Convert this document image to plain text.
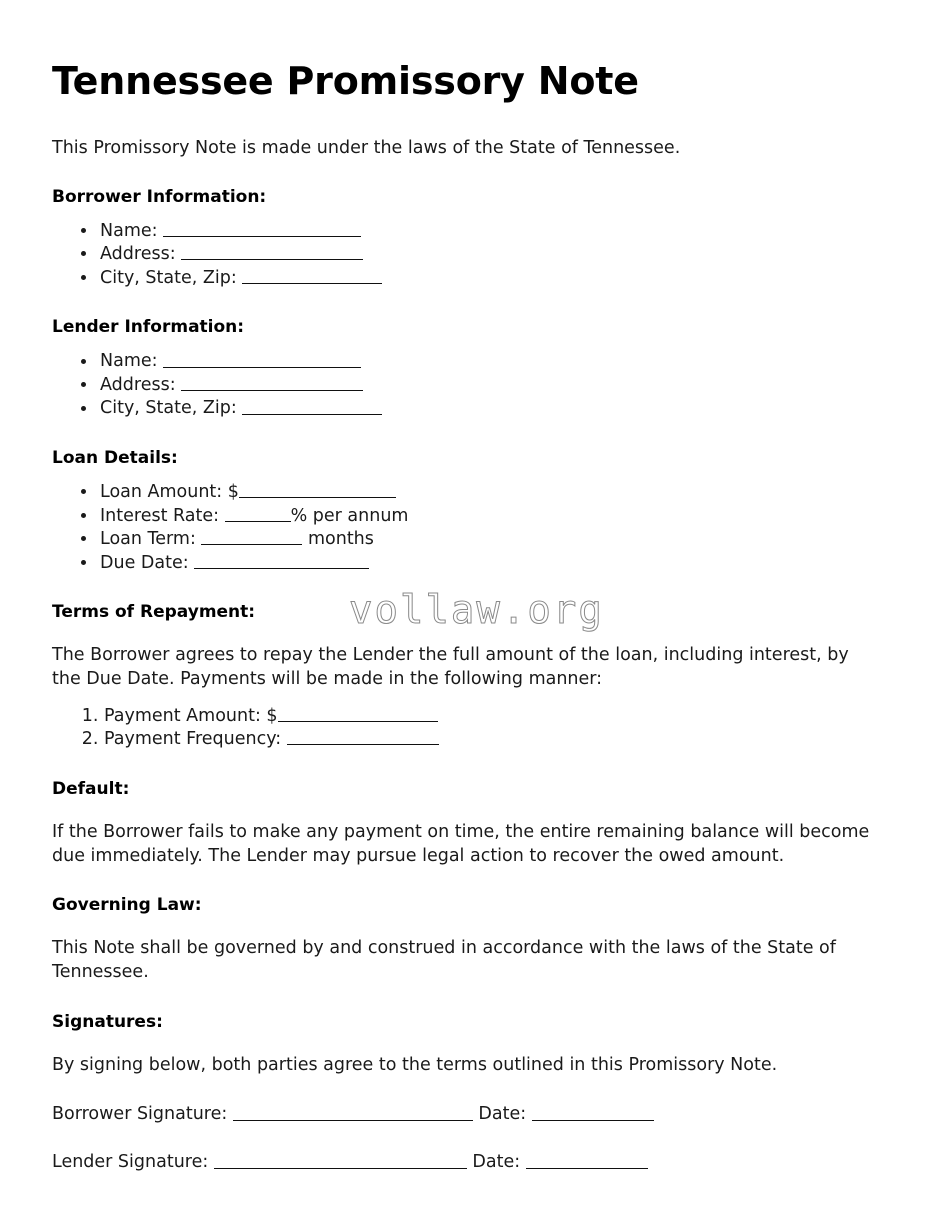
Tennessee Promissory Note

This Promissory Note is made under the laws of the State of Tennessee.

Borrower Information:
• Name:
• Address:
• City, State, Zip:
Lender Information:
• Name:
• Address:
• City, State, Zip:
Loan Details:
• Loan Amount: $
• Interest Rate:	% per annum
• Loan Term:	months
• Due Date:
Terms of Repayment:

The Borrower agrees to repay the Lender the full amount of the loan, including interest, by the Due Date. Payments will be made in the following manner:

1. Payment Amount: $
2. Payment Frequency:
Default:

If the Borrower fails to make any payment on time, the entire remaining balance will become due immediately. The Lender may pursue legal action to recover the owed amount.

Governing Law:

This Note shall be governed by and construed in accordance with the laws of the State of Tennessee.

Signatures:

By signing below, both parties agree to the terms outlined in this Promissory Note.

Borrower Signature:	Date:

Lender Signature:	Date:

vollaw.org
